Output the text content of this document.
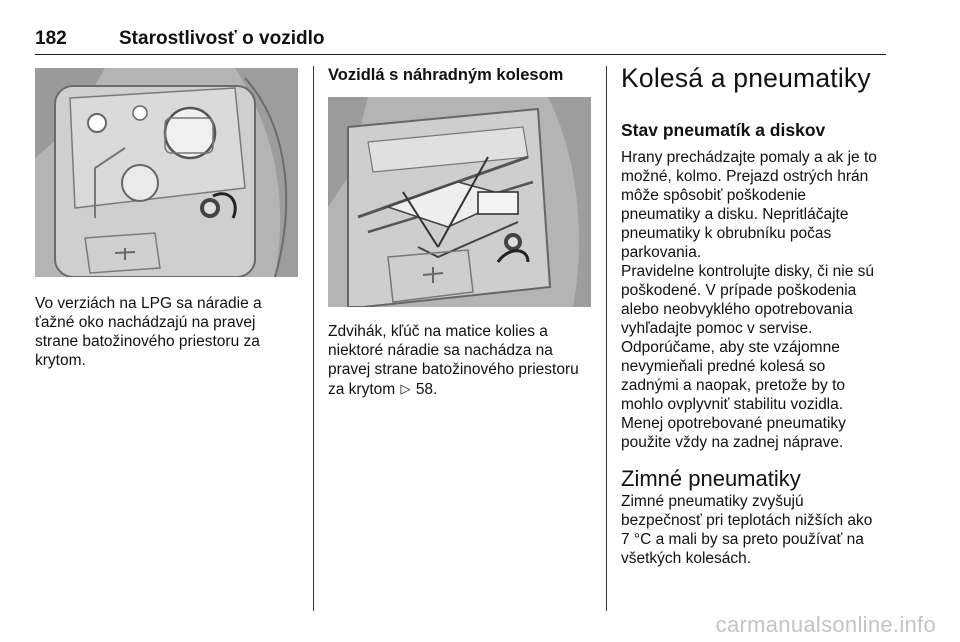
182	Starostlivosť o vozidlo

Vo verziách na LPG sa náradie a
ťažné oko nachádzajú na pravej
strane batožinového priestoru za
krytom.

Vozidlá s náhradným kolesom

Zdvihák, kľúč na matice kolies a
niektoré náradie sa nachádza na
pravej strane batožinového priestoru
za krytom ▷ 58.

Kolesá a pneumatiky
Stav pneumatík a diskov

Hrany prechádzajte pomaly a ak je to
možné, kolmo. Prejazd ostrých hrán
môže spôsobiť poškodenie
pneumatiky a disku. Nepritláčajte
pneumatiky k obrubníku počas
parkovania.

Pravidelne kontrolujte disky, či nie sú
poškodené. V prípade poškodenia
alebo neobvyklého opotrebovania
vyhľadajte pomoc v servise.

Odporúčame, aby ste vzájomne
nevymieňali predné kolesá so
zadnými a naopak, pretože by to
mohlo ovplyvniť stabilitu vozidla.
Menej opotrebované pneumatiky
použite vždy na zadnej náprave.

Zimné pneumatiky

Zimné pneumatiky zvyšujú
bezpečnosť pri teplotách nižších ako
7 °C a mali by sa preto používať na
všetkých kolesách.

carmanualsonline.info
